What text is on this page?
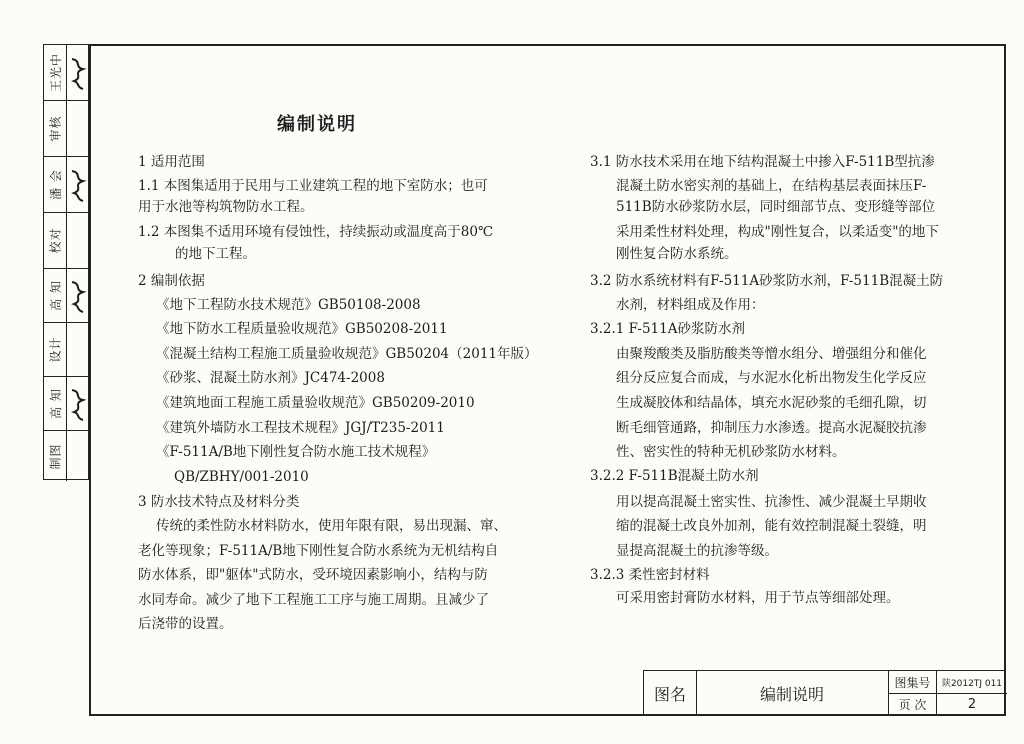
王光中
审核
潘 会
校对
高 知
设计
高 知
制图
编制说明
1 适用范围
1.1 本图集适用于民用与工业建筑工程的地下室防水；也可
用于水池等构筑物防水工程。
1.2 本图集不适用环境有侵蚀性，持续振动或温度高于80℃
的地下工程。
2 编制依据
《地下工程防水技术规范》GB50108-2008
《地下防水工程质量验收规范》GB50208-2011
《混凝土结构工程施工质量验收规范》GB50204（2011年版）
《砂浆、混凝土防水剂》JC474-2008
《建筑地面工程施工质量验收规范》GB50209-2010
《建筑外墙防水工程技术规程》JGJ/T235-2011
《F-511A/B地下刚性复合防水施工技术规程》
QB/ZBHY/001-2010
3 防水技术特点及材料分类
传统的柔性防水材料防水，使用年限有限，易出现漏、窜、
老化等现象；F-511A/B地下刚性复合防水系统为无机结构自
防水体系，即"躯体"式防水，受环境因素影响小，结构与防
水同寿命。减少了地下工程施工工序与施工周期。且减少了
后浇带的设置。
3.1 防水技术采用在地下结构混凝土中掺入F-511B型抗渗
混凝土防水密实剂的基础上，在结构基层表面抹压F-
511B防水砂浆防水层，同时细部节点、变形缝等部位
采用柔性材料处理，构成"刚性复合，以柔适变"的地下
刚性复合防水系统。
3.2 防水系统材料有F-511A砂浆防水剂，F-511B混凝土防
水剂，材料组成及作用：
3.2.1 F-511A砂浆防水剂
由聚羧酸类及脂肪酸类等憎水组分、增强组分和催化
组分反应复合而成，与水泥水化析出物发生化学反应
生成凝胶体和结晶体，填充水泥砂浆的毛细孔隙，切
断毛细管通路，抑制压力水渗透。提高水泥凝胶抗渗
性、密实性的特种无机砂浆防水材料。
3.2.2 F-511B混凝土防水剂
用以提高混凝土密实性、抗渗性、减少混凝土早期收
缩的混凝土改良外加剂，能有效控制混凝土裂缝，明
显提高混凝土的抗渗等级。
3.2.3 柔性密封材料
可采用密封膏防水材料，用于节点等细部处理。
图名	编制说明
图集号
页 次
陕2012TJ 011
2
